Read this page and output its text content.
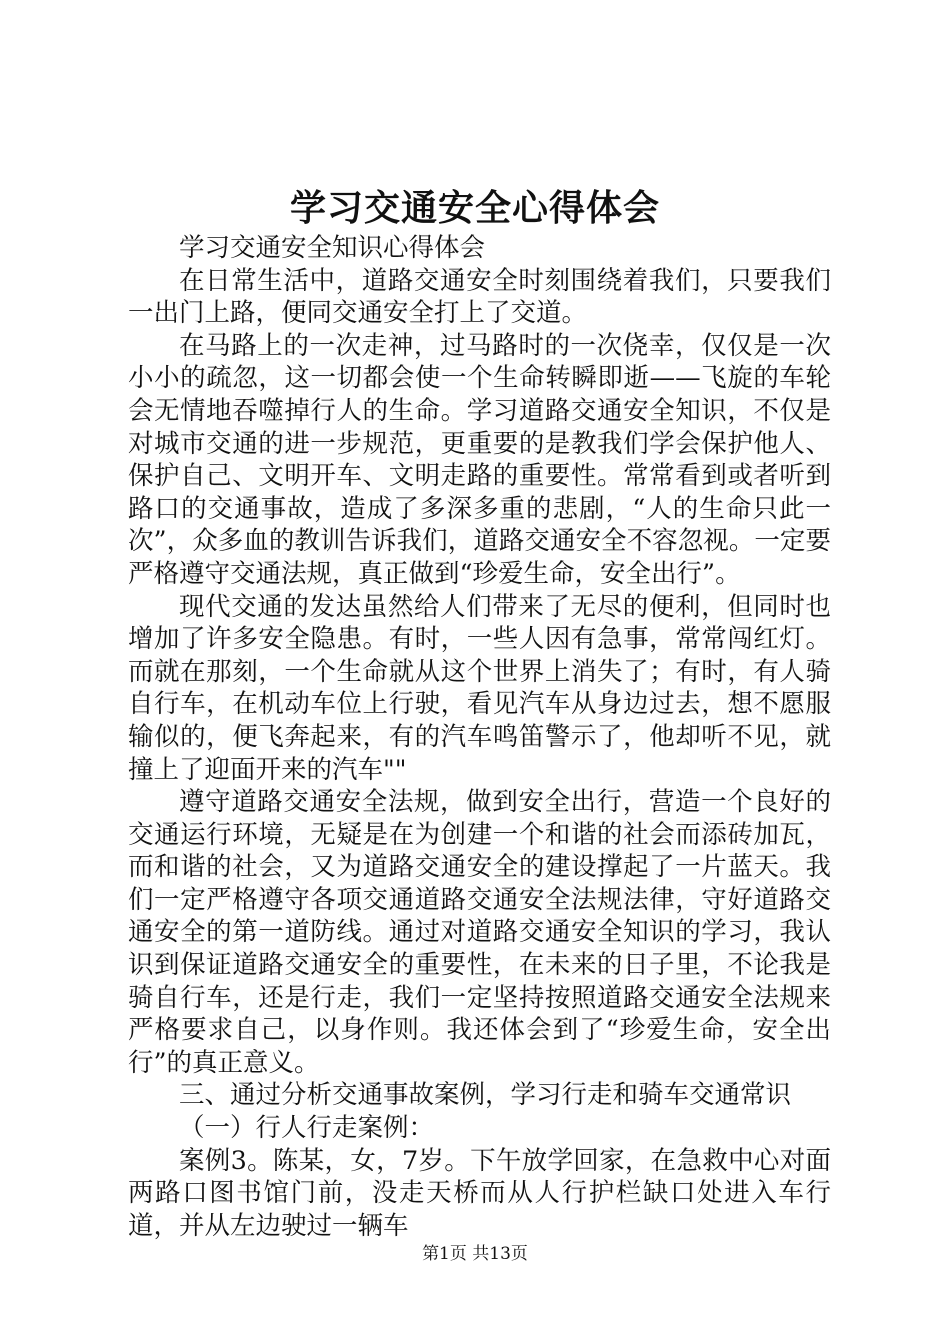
学习交通安全心得体会

学习交通安全知识心得体会

在日常生活中，道路交通安全时刻围绕着我们，只要我们一出门上路，便同交通安全打上了交道。

在马路上的一次走神，过马路时的一次侥幸，仅仅是一次小小的疏忽，这一切都会使一个生命转瞬即逝——飞旋的车轮会无情地吞噬掉行人的生命。学习道路交通安全知识，不仅是对城市交通的进一步规范，更重要的是教我们学会保护他人、保护自己、文明开车、文明走路的重要性。常常看到或者听到路口的交通事故，造成了多深多重的悲剧，“人的生命只此一次”，众多血的教训告诉我们，道路交通安全不容忽视。一定要严格遵守交通法规，真正做到“珍爱生命，安全出行”。

现代交通的发达虽然给人们带来了无尽的便利，但同时也增加了许多安全隐患。有时，一些人因有急事，常常闯红灯。而就在那刻，一个生命就从这个世界上消失了；有时，有人骑自行车，在机动车位上行驶，看见汽车从身边过去，想不愿服输似的，便飞奔起来，有的汽车鸣笛警示了，他却听不见，就撞上了迎面开来的汽车""

遵守道路交通安全法规，做到安全出行，营造一个良好的交通运行环境，无疑是在为创建一个和谐的社会而添砖加瓦，而和谐的社会，又为道路交通安全的建设撑起了一片蓝天。我们一定严格遵守各项交通道路交通安全法规法律，守好道路交通安全的第一道防线。通过对道路交通安全知识的学习，我认识到保证道路交通安全的重要性，在未来的日子里，不论我是骑自行车，还是行走，我们一定坚持按照道路交通安全法规来严格要求自己，以身作则。我还体会到了“珍爱生命，安全出行”的真正意义。

三、通过分析交通事故案例，学习行走和骑车交通常识

（一）行人行走案例：

案例3。陈某，女，7岁。下午放学回家，在急救中心对面两路口图书馆门前，没走天桥而从人行护栏缺口处进入车行道，并从左边驶过一辆车

第1页 共13页
